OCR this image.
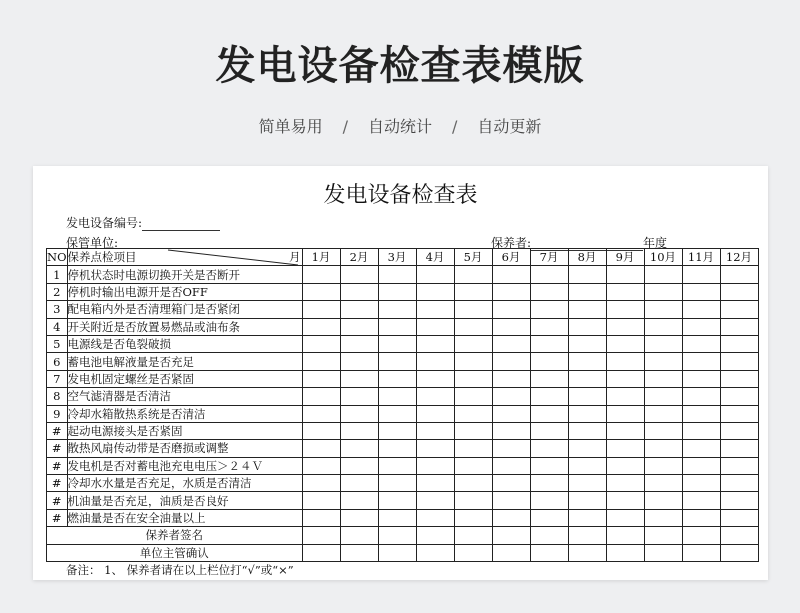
发电设备检查表模版
简单易用 / 自动统计 / 自动更新
发电设备检查表
发电设备编号:
保管单位:	保养者:	年度
NO	保养点检项目 月	1月	2月	3月	4月	5月	6月	7月	8月	9月	10月	11月	12月
1	停机状态时电源切换开关是否断开												
2	停机时输出电源开是否OFF												
3	配电箱内外是否清理箱门是否紧闭												
4	开关附近是否放置易燃品或油布条												
5	电源线是否龟裂破损												
6	蓄电池电解液量是否充足												
7	发电机固定螺丝是否紧固												
8	空气滤清器是否清洁												
9	冷却水箱散热系统是否清洁												
#	起动电源接头是否紧固												
#	散热风扇传动带是否磨损或调整												
#	发电机是否对蓄电池充电电压＞２４Ｖ												
#	冷却水水量是否充足，水质是否清洁												
#	机油量是否充足，油质是否良好												
#	燃油量是否在安全油量以上												
保养者签名													
单位主管确认													
备注： 1、 保养者请在以上栏位打“√”或“×”
